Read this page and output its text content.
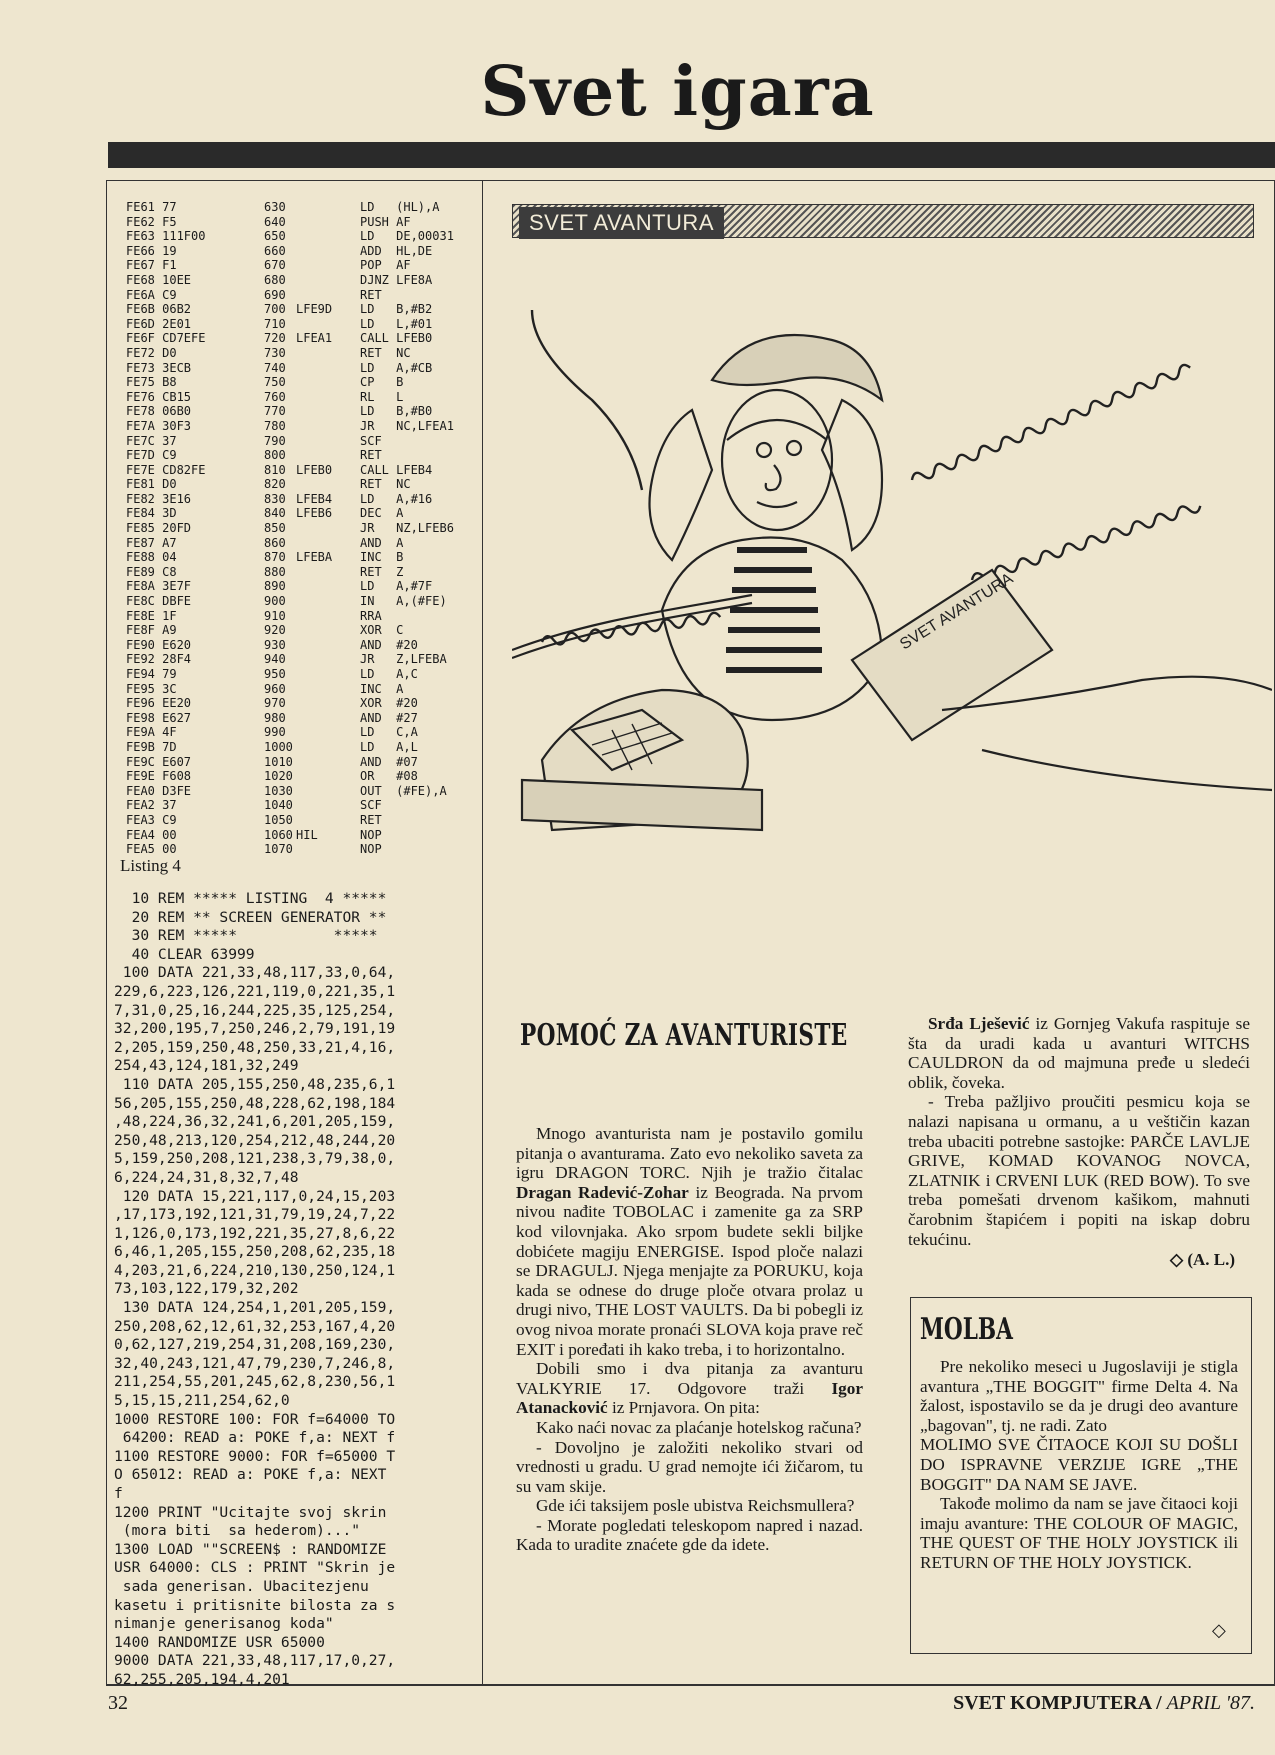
Svet igara
FE61 77	630	LD   (HL),A
FE62 F5	640	PUSH AF
FE63 111F00	650	LD   DE,00031
FE66 19	660	ADD  HL,DE
FE67 F1	670	POP  AF
FE68 10EE	680	DJNZ LFE8A
FE6A C9	690	RET
FE6B 06B2	700 LFE9D	LD   B,#B2
FE6D 2E01	710	LD   L,#01
FE6F CD7EFE	720 LFEA1	CALL LFEB0
FE72 D0	730	RET  NC
FE73 3ECB	740	LD   A,#CB
FE75 B8	750	CP   B
FE76 CB15	760	RL   L
FE78 06B0	770	LD   B,#B0
FE7A 30F3	780	JR   NC,LFEA1
FE7C 37	790	SCF
FE7D C9	800	RET
FE7E CD82FE	810 LFEB0	CALL LFEB4
FE81 D0	820	RET  NC
FE82 3E16	830 LFEB4	LD   A,#16
FE84 3D	840 LFEB6	DEC  A
FE85 20FD	850	JR   NZ,LFEB6
FE87 A7	860	AND  A
FE88 04	870 LFEBA	INC  B
FE89 C8	880	RET  Z
FE8A 3E7F	890	LD   A,#7F
FE8C DBFE	900	IN   A,(#FE)
FE8E 1F	910	RRA
FE8F A9	920	XOR  C
FE90 E620	930	AND  #20
FE92 28F4	940	JR   Z,LFEBA
FE94 79	950	LD   A,C
FE95 3C	960	INC  A
FE96 EE20	970	XOR  #20
FE98 E627	980	AND  #27
FE9A 4F	990	LD   C,A
FE9B 7D	1000	LD   A,L
FE9C E607	1010	AND  #07
FE9E F608	1020	OR   #08
FEA0 D3FE	1030	OUT  (#FE),A
FEA2 37	1040	SCF
FEA3 C9	1050	RET
FEA4 00	1060 HIL	NOP
FEA5 00	1070	NOP
Listing 4
10 REM ***** LISTING  4 *****
20 REM ** SCREEN GENERATOR **
30 REM *****           *****
40 CLEAR 63999
100 DATA 221,33,48,117,33,0,64,
229,6,223,126,221,119,0,221,35,1
7,31,0,25,16,244,225,35,125,254,
32,200,195,7,250,246,2,79,191,19
2,205,159,250,48,250,33,21,4,16,
254,43,124,181,32,249
110 DATA 205,155,250,48,235,6,1
56,205,155,250,48,228,62,198,184
,48,224,36,32,241,6,201,205,159,
250,48,213,120,254,212,48,244,20
5,159,250,208,121,238,3,79,38,0,
6,224,24,31,8,32,7,48
120 DATA 15,221,117,0,24,15,203
,17,173,192,121,31,79,19,24,7,22
1,126,0,173,192,221,35,27,8,6,22
6,46,1,205,155,250,208,62,235,18
4,203,21,6,224,210,130,250,124,1
73,103,122,179,32,202
130 DATA 124,254,1,201,205,159,
250,208,62,12,61,32,253,167,4,20
0,62,127,219,254,31,208,169,230,
32,40,243,121,47,79,230,7,246,8,
211,254,55,201,245,62,8,230,56,1
5,15,15,211,254,62,0
1000 RESTORE 100: FOR f=64000 TO
64200: READ a: POKE f,a: NEXT f
1100 RESTORE 9000: FOR f=65000 T
O 65012: READ a: POKE f,a: NEXT
f
1200 PRINT "Ucitajte svoj skrin
(mora biti  sa hederom)..."
1300 LOAD ""SCREEN$ : RANDOMIZE
USR 64000: CLS : PRINT "Skrin je
sada generisan. Ubacitezjenu
kasetu i pritisnite bilosta za s
nimanje generisanog koda"
1400 RANDOMIZE USR 65000
9000 DATA 221,33,48,117,17,0,27,
62,255,205,194,4,201
SVET AVANTURA
SVET AVANTURA
POMOĆ ZA AVANTURISTE

Mnogo avanturista nam je postavilo gomilu pitanja o avanturama. Zato evo nekoliko saveta za igru DRAGON TORC. Njih je tražio čitalac Dragan Radević-Zohar iz Beograda. Na prvom nivou nađite TOBOLAC i zamenite ga za SRP kod vilovnjaka. Ako srpom budete sekli biljke dobićete magiju ENERGISE. Ispod ploče nalazi se DRAGULJ. Njega menjajte za PORUKU, koja kada se odnese do druge ploče otvara prolaz u drugi nivo, THE LOST VAULTS. Da bi pobegli iz ovog nivoa morate pronaći SLOVA koja prave reč EXIT i poređati ih kako treba, i to horizontalno.

Dobili smo i dva pitanja za avanturu VALKYRIE 17. Odgovore traži Igor Atanacković iz Prnjavora. On pita:

Kako naći novac za plaćanje hotelskog računa?

- Dovoljno je založiti nekoliko stvari od vrednosti u gradu. U grad nemojte ići žičarom, tu su vam skije.

Gde ići taksijem posle ubistva Reichsmullera?

- Morate pogledati teleskopom napred i nazad. Kada to uradite znaćete gde da idete.

Srđa Lješević iz Gornjeg Vakufa raspituje se šta da uradi kada u avanturi WITCHS CAULDRON da od majmuna pređe u sledeći oblik, čoveka.

- Treba pažljivo proučiti pesmicu koja se nalazi napisana u ormanu, a u veštičin kazan treba ubaciti potrebne sastojke: PARČE LAVLJE GRIVE, KOMAD KOVANOG NOVCA, ZLATNIK i CRVENI LUK (RED BOW). To sve treba pomešati drvenom kašikom, mahnuti čarobnim štapićem i popiti na iskap dobru tekućinu.

◇ (A. L.)
MOLBA

Pre nekoliko meseci u Jugoslaviji je stigla avantura „THE BOGGIT" firme Delta 4. Na žalost, ispostavilo se da je drugi deo avanture „bagovan", tj. ne radi. Zato

MOLIMO SVE ČITAOCE KOJI SU DOŠLI DO ISPRAVNE VERZIJE IGRE „THE BOGGIT" DA NAM SE JAVE.

Takođe molimo da nam se jave čitaoci koji imaju avanture: THE COLOUR OF MAGIC, THE QUEST OF THE HOLY JOYSTICK ili RETURN OF THE HOLY JOYSTICK.

◇
32	SVET KOMPJUTERA / APRIL '87.
